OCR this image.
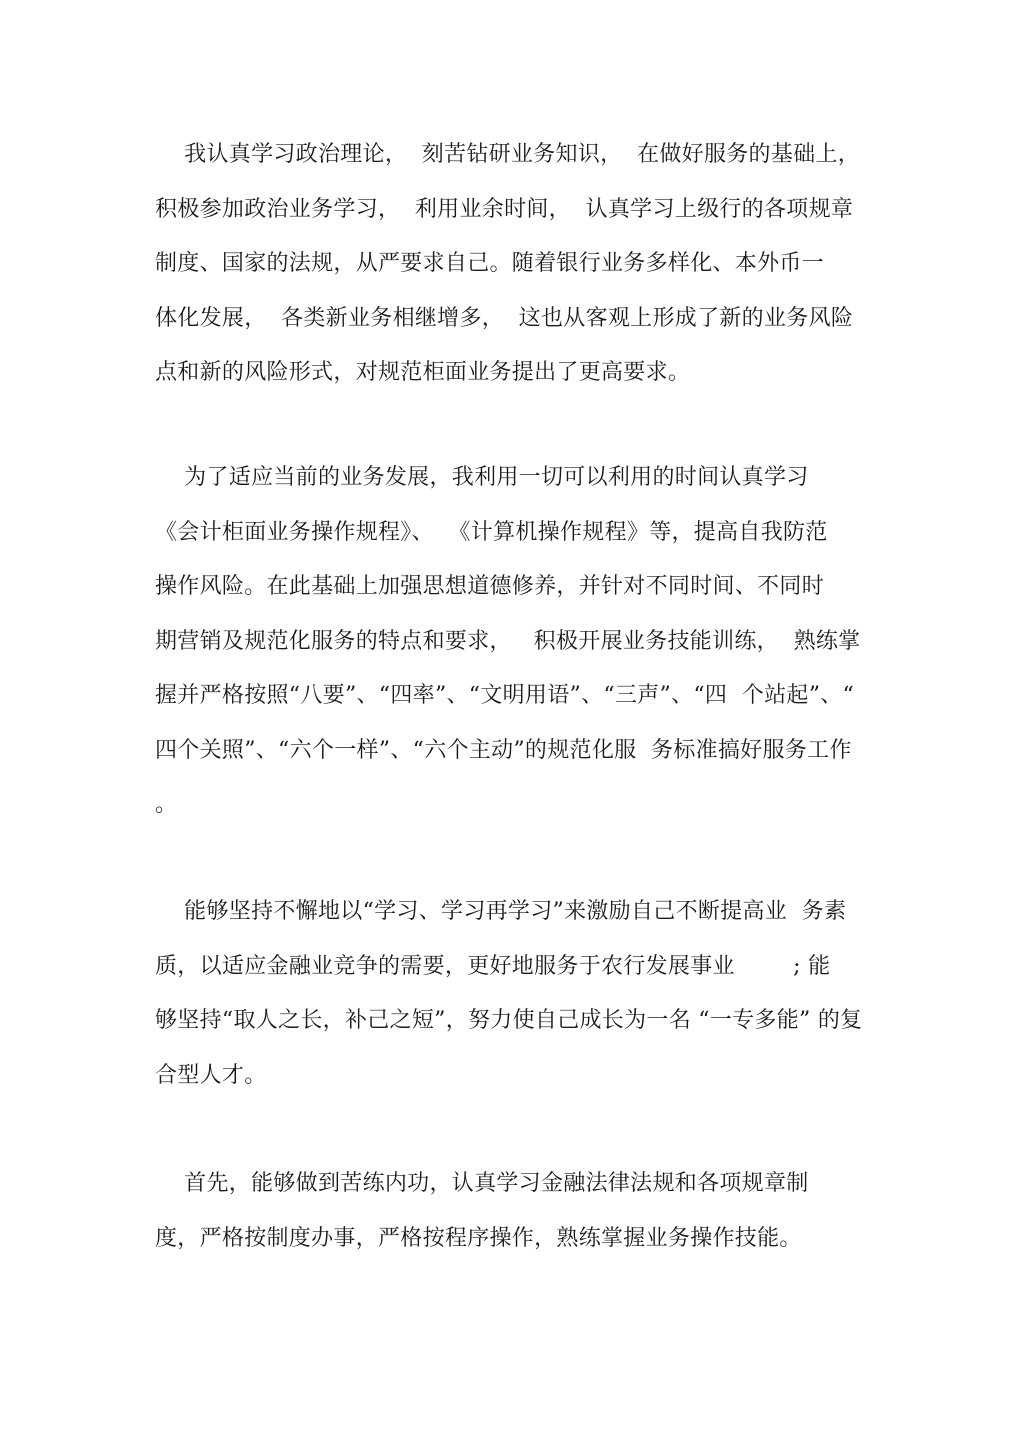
我认真学习政治理论，  刻苦钻研业务知识，  在做好服务的基础上，
积极参加政治业务学习，  利用业余时间，  认真学习上级行的各项规章
制度、国家的法规，从严要求自己。随着银行业务多样化、本外币一
体化发展，  各类新业务相继增多，  这也从客观上形成了新的业务风险
点和新的风险形式，对规范柜面业务提出了更高要求。
为了适应当前的业务发展，我利用一切可以利用的时间认真学习
《会计柜面业务操作规程》、  《计算机操作规程》等，提高自我防范
操作风险。在此基础上加强思想道德修养，并针对不同时间、不同时
期营销及规范化服务的特点和要求，   积极开展业务技能训练，  熟练掌
握并严格按照“八要”、“四率”、“文明用语”、“三声”、“四  个站起”、“
四个关照”、“六个一样”、“六个主动”的规范化服  务标准搞好服务工作
。
能够坚持不懈地以“学习、学习再学习”来激励自己不断提高业  务素
质，以适应金融业竞争的需要，更好地服务于农行发展事业        ; 能
够坚持“取人之长，补己之短”，努力使自己成长为一名 “一专多能” 的复
合型人才。
首先，能够做到苦练内功，认真学习金融法律法规和各项规章制
度，严格按制度办事，严格按程序操作，熟练掌握业务操作技能。
